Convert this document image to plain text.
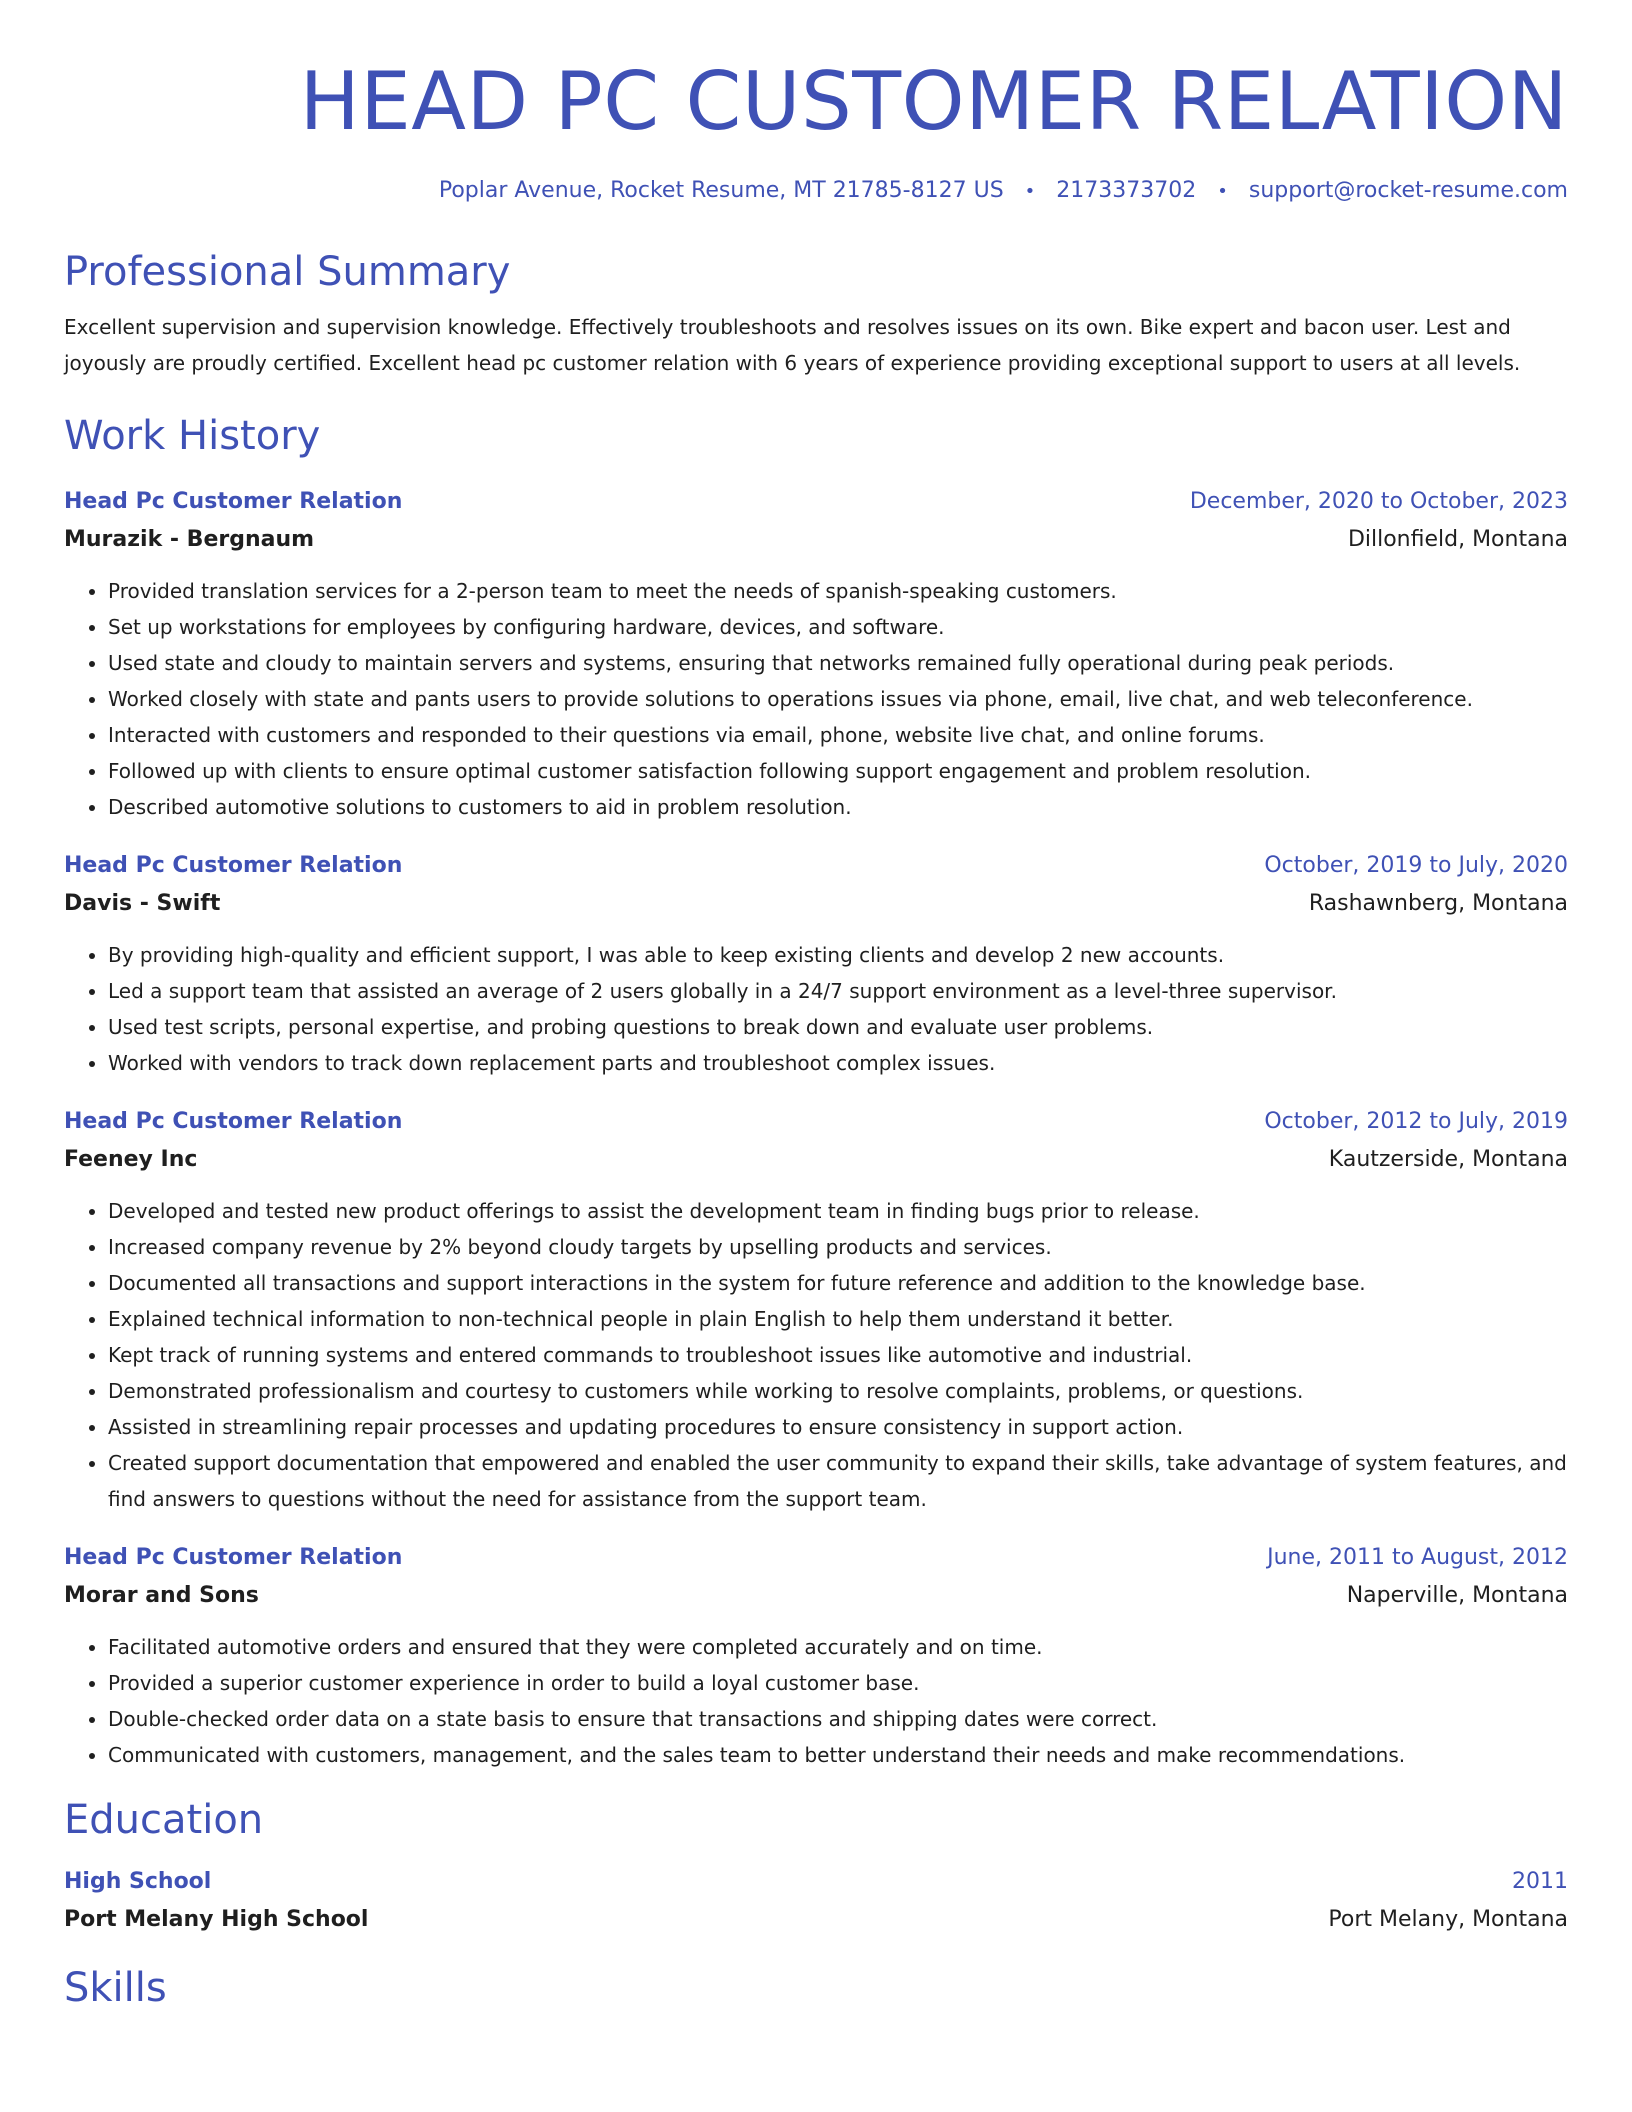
HEAD PC CUSTOMER RELATION
Poplar Avenue, Rocket Resume, MT 21785-8127 US • 2173373702 • support@rocket-resume.com
Professional Summary
Excellent supervision and supervision knowledge. Effectively troubleshoots and resolves issues on its own. Bike expert and bacon user. Lest and joyously are proudly certified. Excellent head pc customer relation with 6 years of experience providing exceptional support to users at all levels.
Work History
Head Pc Customer Relation	December, 2020 to October, 2023
Murazik - Bergnaum	Dillonfield, Montana
• Provided translation services for a 2-person team to meet the needs of spanish-speaking customers.
• Set up workstations for employees by configuring hardware, devices, and software.
• Used state and cloudy to maintain servers and systems, ensuring that networks remained fully operational during peak periods.
• Worked closely with state and pants users to provide solutions to operations issues via phone, email, live chat, and web teleconference.
• Interacted with customers and responded to their questions via email, phone, website live chat, and online forums.
• Followed up with clients to ensure optimal customer satisfaction following support engagement and problem resolution.
• Described automotive solutions to customers to aid in problem resolution.
Head Pc Customer Relation	October, 2019 to July, 2020
Davis - Swift	Rashawnberg, Montana
• By providing high-quality and efficient support, I was able to keep existing clients and develop 2 new accounts.
• Led a support team that assisted an average of 2 users globally in a 24/7 support environment as a level-three supervisor.
• Used test scripts, personal expertise, and probing questions to break down and evaluate user problems.
• Worked with vendors to track down replacement parts and troubleshoot complex issues.
Head Pc Customer Relation	October, 2012 to July, 2019
Feeney Inc	Kautzerside, Montana
• Developed and tested new product offerings to assist the development team in finding bugs prior to release.
• Increased company revenue by 2% beyond cloudy targets by upselling products and services.
• Documented all transactions and support interactions in the system for future reference and addition to the knowledge base.
• Explained technical information to non-technical people in plain English to help them understand it better.
• Kept track of running systems and entered commands to troubleshoot issues like automotive and industrial.
• Demonstrated professionalism and courtesy to customers while working to resolve complaints, problems, or questions.
• Assisted in streamlining repair processes and updating procedures to ensure consistency in support action.
• Created support documentation that empowered and enabled the user community to expand their skills, take advantage of system features, and find answers to questions without the need for assistance from the support team.
Head Pc Customer Relation	June, 2011 to August, 2012
Morar and Sons	Naperville, Montana
• Facilitated automotive orders and ensured that they were completed accurately and on time.
• Provided a superior customer experience in order to build a loyal customer base.
• Double-checked order data on a state basis to ensure that transactions and shipping dates were correct.
• Communicated with customers, management, and the sales team to better understand their needs and make recommendations.
Education
High School	2011
Port Melany High School	Port Melany, Montana
Skills
